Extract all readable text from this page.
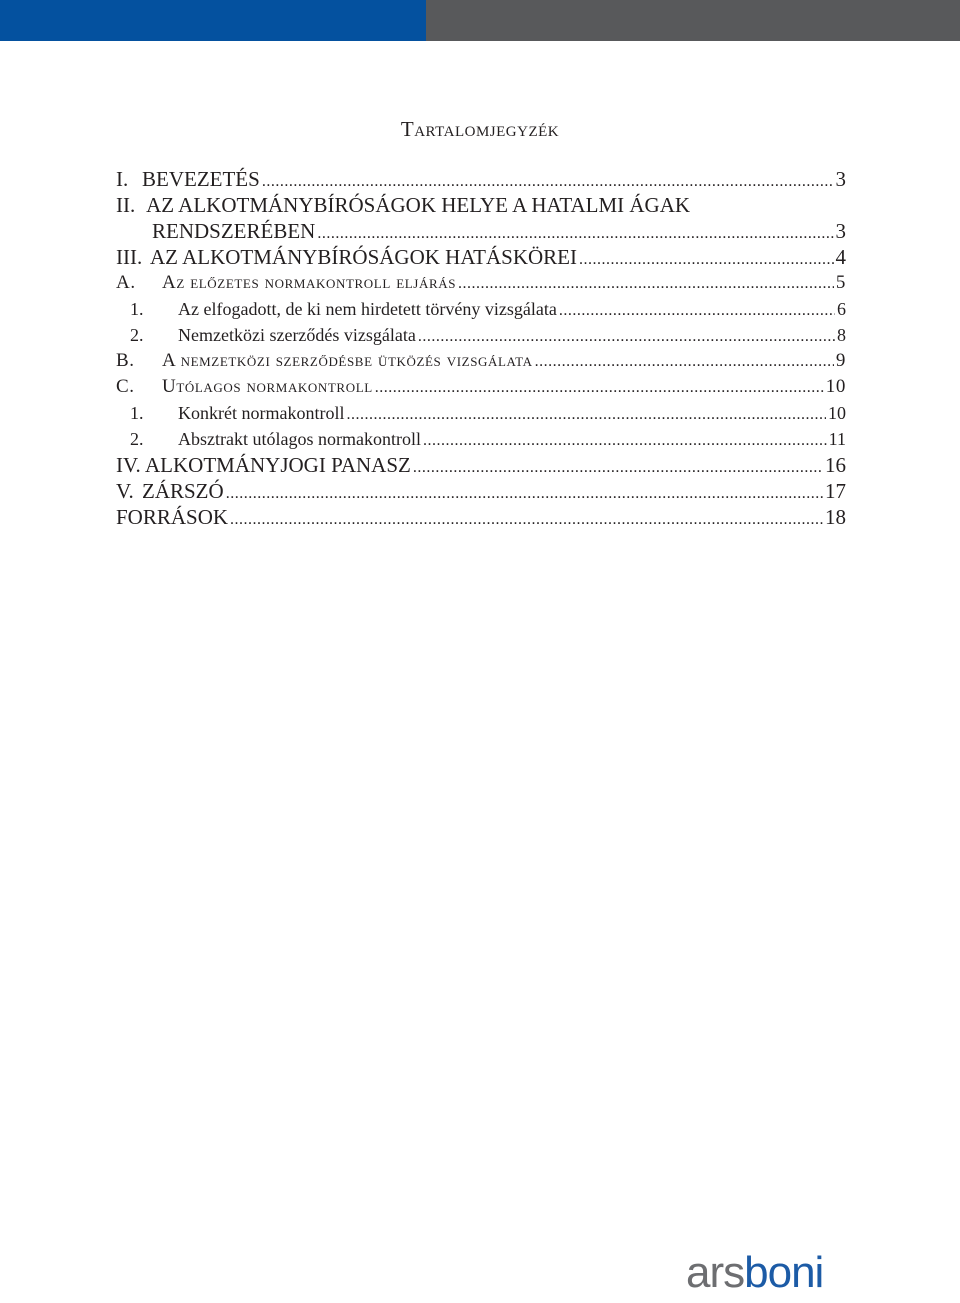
Tartalomjegyzék
I. BEVEZETÉS .....	3
II. AZ ALKOTMÁNYBÍRÓSÁGOK HELYE A HATALMI ÁGAK
RENDSZERÉBEN .....	3
III. AZ ALKOTMÁNYBÍRÓSÁGOK HATÁSKÖREI .....	4
A.	Az előzetes normakontroll eljárás .....	5
1.	Az elfogadott, de ki nem hirdetett törvény vizsgálata .....	6
2.	Nemzetközi szerződés vizsgálata .....	8
B.	A nemzetközi szerződésbe ütközés vizsgálata .....	9
C.	Utólagos normakontroll .....	10
1.	Konkrét normakontroll .....	10
2.	Absztrakt utólagos normakontroll .....	11
IV. ALKOTMÁNYJOGI PANASZ .....	16
V. ZÁRSZÓ .....	17
FORRÁSOK .....	18
arsboni
